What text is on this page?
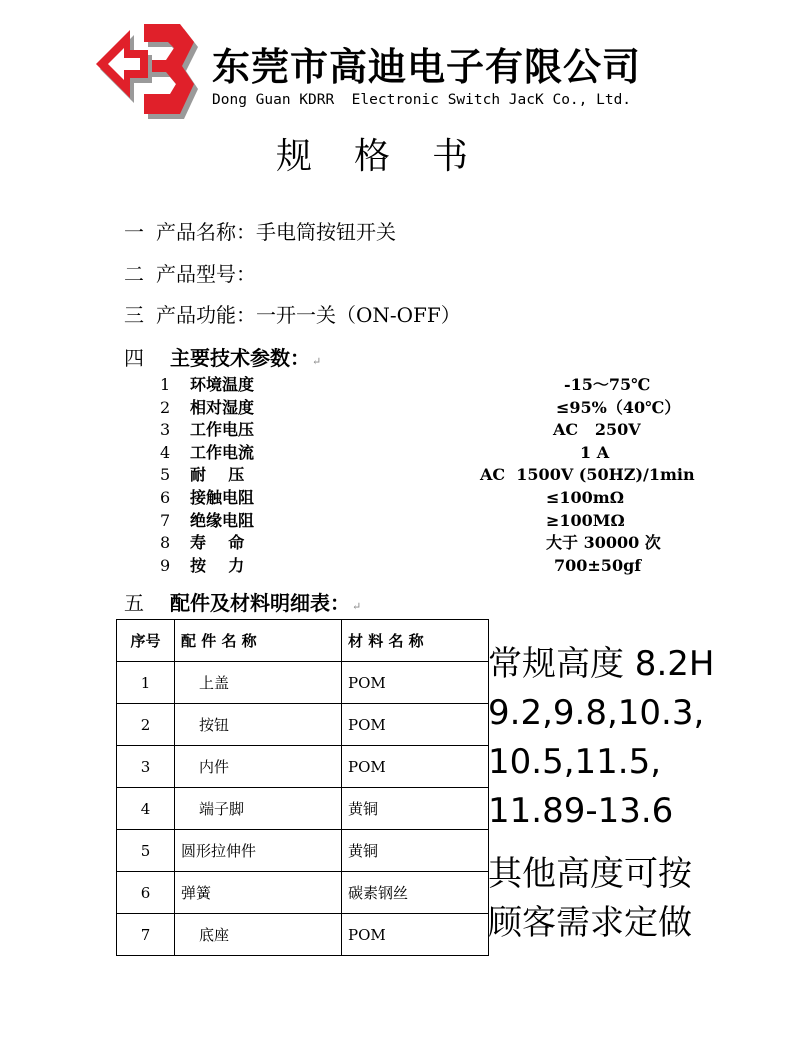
东莞市高迪电子有限公司
Dong Guan KDRR  Electronic Switch JacK Co., Ltd.
规格书
一 产品名称：手电筒按钮开关
二 产品型号：
三 产品功能：一开一关（ON-OFF）
四 主要技术参数： ↵
1	环境温度	-15～75℃
2	相对湿度	≤95%（40℃）
3	工作电压	AC   250V
4	工作电流	1 A
5	耐    压	AC  1500V (50HZ)/1min
6	接触电阻	≤100mΩ
7	绝缘电阻	≥100MΩ
8	寿    命	大于 30000 次
9	按    力	700±50gf
五 配件及材料明细表： ↵
序号	配 件 名 称	材 料 名 称
1	上盖	POM
2	按钮	POM
3	内件	POM
4	端子脚	黄铜
5	圆形拉伸件	黄铜
6	弹簧	碳素钢丝
7	底座	POM
常规高度 8.2H
9.2,9.8,10.3,
10.5,11.5,
11.89-13.6
其他高度可按
顾客需求定做
